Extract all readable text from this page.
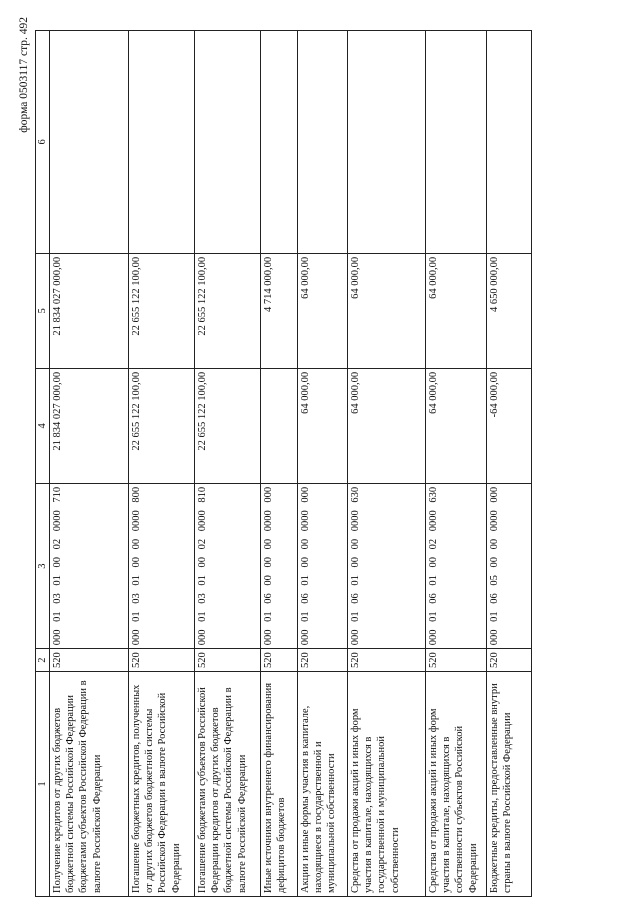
форма 0503117 стр. 492
1	2	3	4	5	6
Получение кредитов от других бюджетов бюджетной системы Российской Федерации бюджетами субъектов Российской Федерации в валюте Российской Федерации	520	000 01 03 01 00 02 0000 710	21 834 027 000,00	21 834 027 000,00	
Погашение бюджетных кредитов, полученных от других бюджетов бюджетной системы Российской Федерации в валюте Российской Федерации	520	000 01 03 01 00 00 0000 800	22 655 122 100,00	22 655 122 100,00	
Погашение бюджетами субъектов Российской Федерации кредитов от других бюджетов бюджетной системы Российской Федерации в валюте Российской Федерации	520	000 01 03 01 00 02 0000 810	22 655 122 100,00	22 655 122 100,00	
Иные источники внутреннего финансирования дефицитов бюджетов	520	000 01 06 00 00 00 0000 000		4 714 000,00	
Акции и иные формы участия в капитале, находящиеся в государственной и муниципальной собственности	520	000 01 06 01 00 00 0000 000	64 000,00	64 000,00	
Средства от продажи акций и иных форм участия в капитале, находящихся в государственной и муниципальной собственности	520	000 01 06 01 00 00 0000 630	64 000,00	64 000,00	
Средства от продажи акций и иных форм участия в капитале, находящихся в собственности субъектов Российской Федерации	520	000 01 06 01 00 02 0000 630	64 000,00	64 000,00	
Бюджетные кредиты, предоставленные внутри страны в валюте Российской Федерации	520	000 01 06 05 00 00 0000 000	-64 000,00	4 650 000,00	
